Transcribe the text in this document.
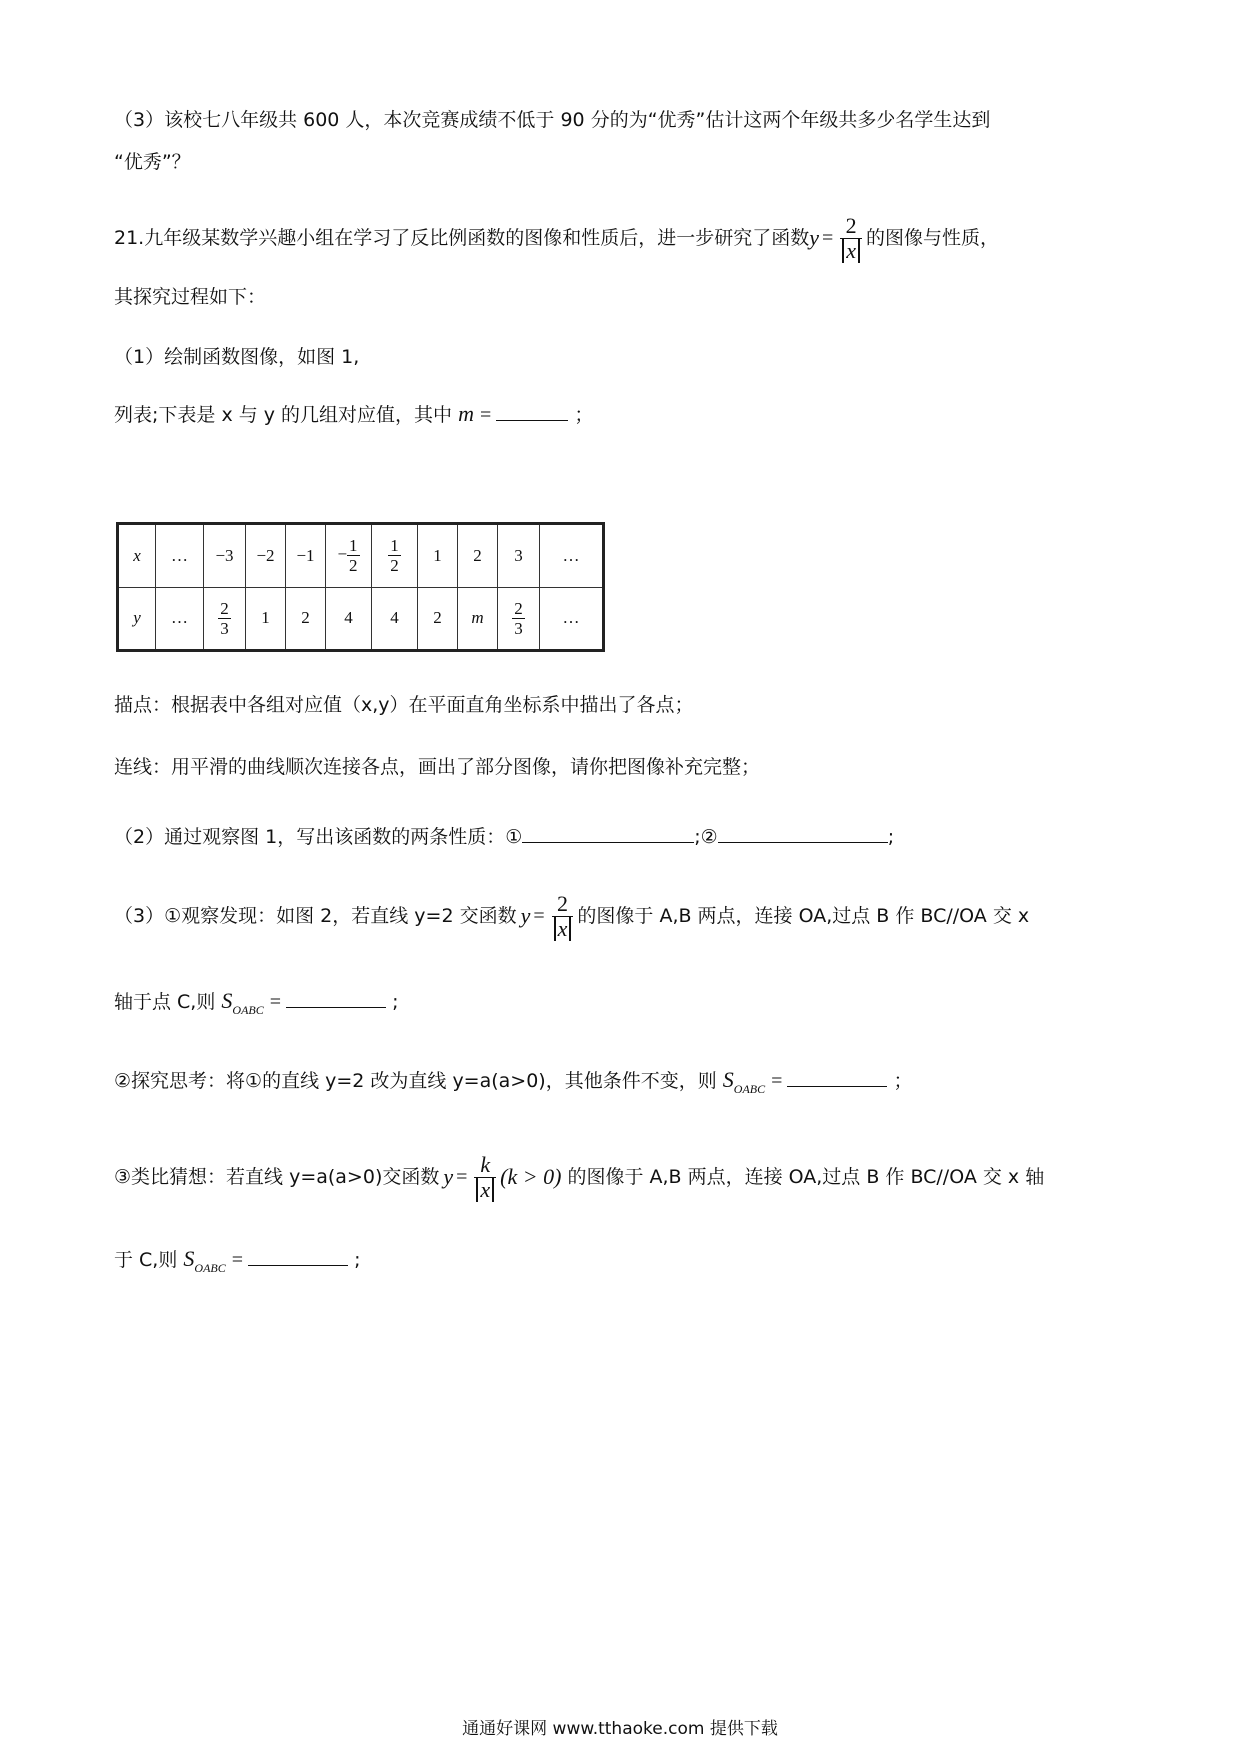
（3）该校七八年级共 600 人，本次竞赛成绩不低于 90 分的为“优秀”估计这两个年级共多少名学生达到
“优秀”？
21.九年级某数学兴趣小组在学习了反比例函数的图像和性质后，进一步研究了函数 $y = \frac{2}{x}$ 的图像与性质，
其探究过程如下：
（1）绘制函数图像，如图 1,
列表;下表是 x 与 y 的几组对应值，其中 m =	；
x	…	−3	−2	−1	− $\frac{1}{2}$	$\frac{1}{2}$	1	2	3	…
y	…	$\frac{2}{3}$	1	2	4	4	2	m	$\frac{2}{3}$	…
描点：根据表中各组对应值（x,y）在平面直角坐标系中描出了各点；
连线：用平滑的曲线顺次连接各点，画出了部分图像，请你把图像补充完整；
（2）通过观察图 1，写出该函数的两条性质：①	;②	;
（3）①观察发现：如图 2，若直线 y=2 交函数 $y = \frac{2}{x}$ 的图像于 A,B 两点，连接 OA,过点 B 作 BC//OA 交 x
轴于点 C,则 $S_{OABC}$ =	;
②探究思考：将①的直线 y=2 改为直线 y=a(a>0)，其他条件不变，则 $S_{OABC}$ =	；
③类比猜想：若直线 y=a(a>0)交函数 $y = \frac{k}{x} (k > 0)$ 的图像于 A,B 两点，连接 OA,过点 B 作 BC//OA 交 x 轴
于 C,则 $S_{OABC}$ =	;
通通好课网 www.tthaoke.com 提供下载
